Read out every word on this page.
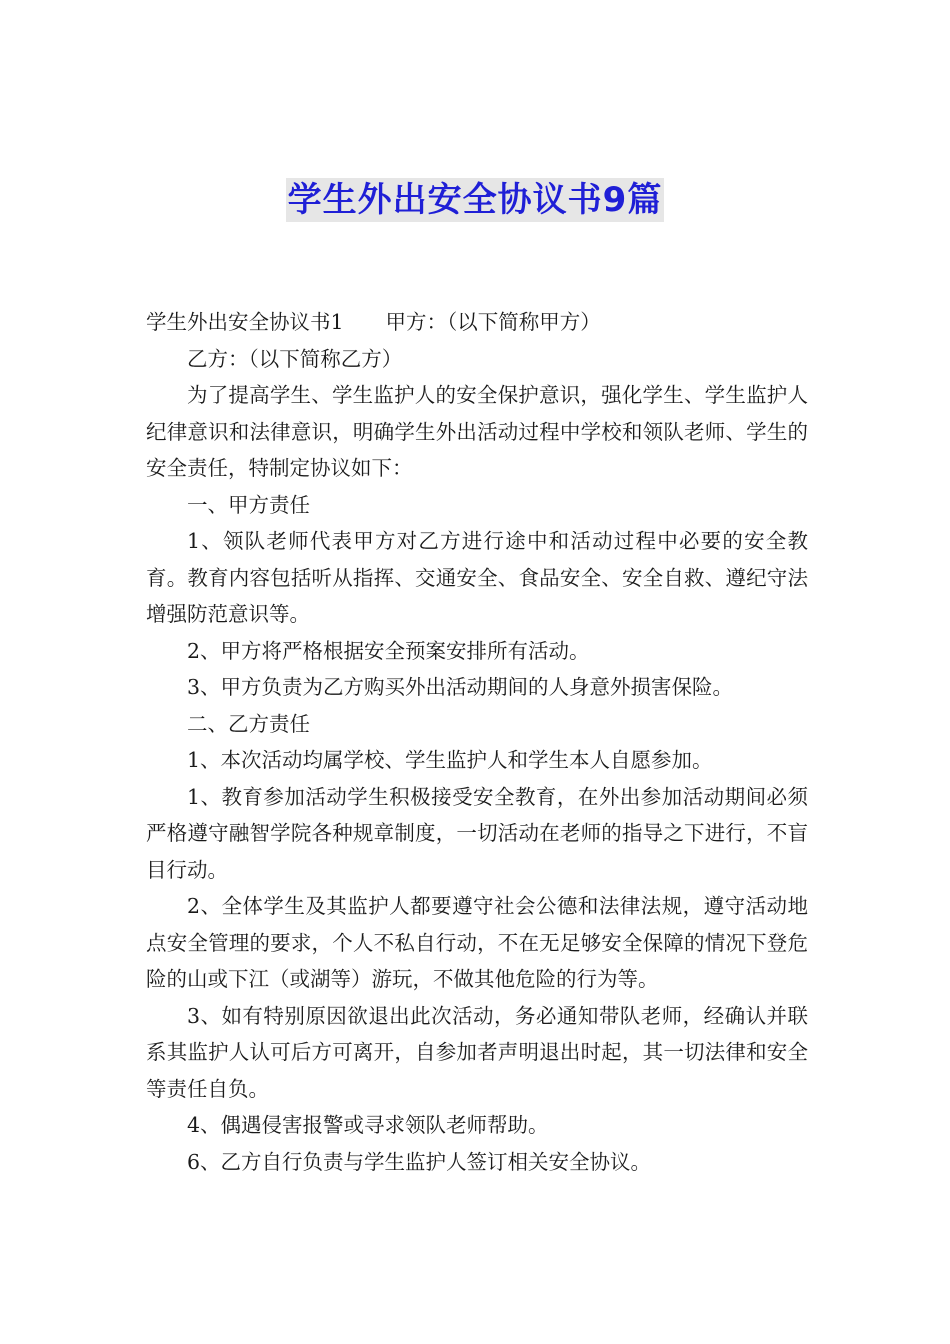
学生外出安全协议书9篇

学生外出安全协议书1 甲方：（以下简称甲方）

乙方：（以下简称乙方）

为了提高学生、学生监护人的安全保护意识，强化学生、学生监护人纪律意识和法律意识，明确学生外出活动过程中学校和领队老师、学生的安全责任，特制定协议如下：

一、甲方责任

1、领队老师代表甲方对乙方进行途中和活动过程中必要的安全教育。教育内容包括听从指挥、交通安全、食品安全、安全自救、遵纪守法增强防范意识等。

2、甲方将严格根据安全预案安排所有活动。

3、甲方负责为乙方购买外出活动期间的人身意外损害保险。

二、乙方责任

1、本次活动均属学校、学生监护人和学生本人自愿参加。

1、教育参加活动学生积极接受安全教育，在外出参加活动期间必须严格遵守融智学院各种规章制度，一切活动在老师的指导之下进行，不盲目行动。

2、全体学生及其监护人都要遵守社会公德和法律法规，遵守活动地点安全管理的要求，个人不私自行动，不在无足够安全保障的情况下登危险的山或下江（或湖等）游玩，不做其他危险的行为等。

3、如有特别原因欲退出此次活动，务必通知带队老师，经确认并联系其监护人认可后方可离开，自参加者声明退出时起，其一切法律和安全等责任自负。

4、偶遇侵害报警或寻求领队老师帮助。

6、乙方自行负责与学生监护人签订相关安全协议。
